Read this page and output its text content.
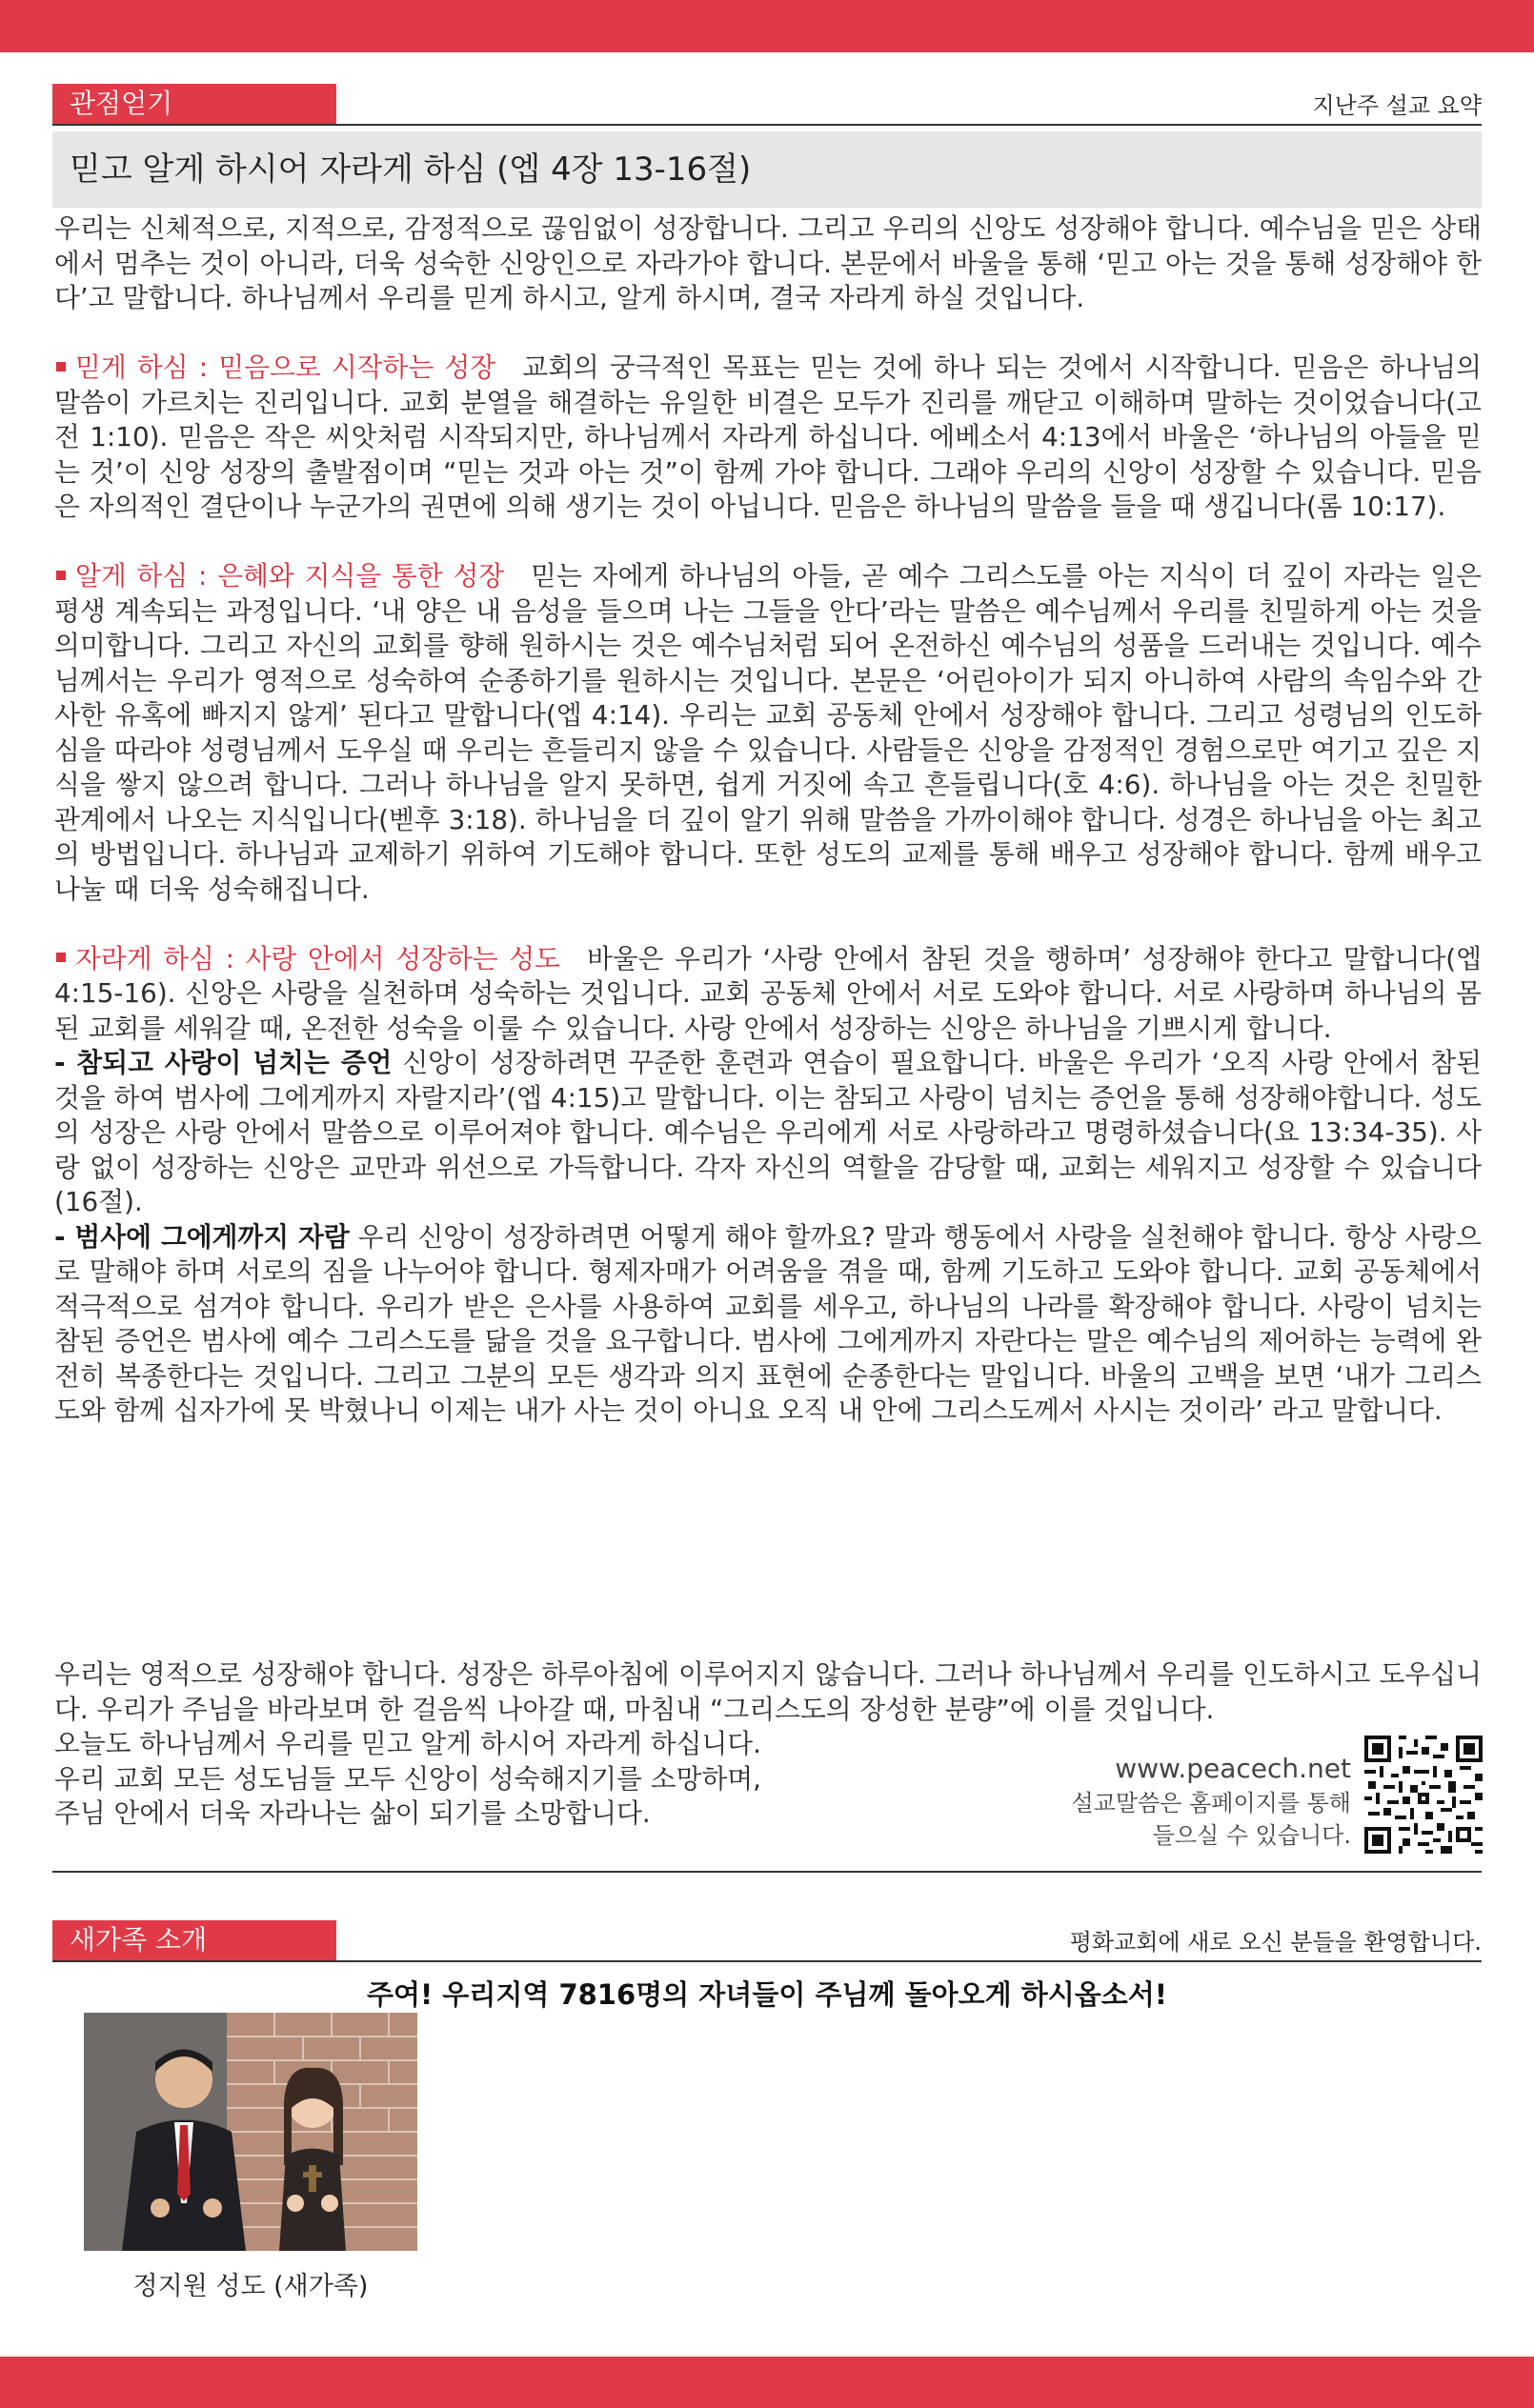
관점얻기	지난주 설교 요약
믿고 알게 하시어 자라게 하심 (엡 4장 13-16절)

우리는 신체적으로, 지적으로, 감정적으로 끊임없이 성장합니다. 그리고 우리의 신앙도 성장해야 합니다. 예수님을 믿은 상태에서 멈추는 것이 아니라, 더욱 성숙한 신앙인으로 자라가야 합니다. 본문에서 바울을 통해 ‘믿고 아는 것을 통해 성장해야 한다’고 말합니다. 하나님께서 우리를 믿게 하시고, 알게 하시며, 결국 자라게 하실 것입니다.

믿게 하심 : 믿음으로 시작하는 성장 교회의 궁극적인 목표는 믿는 것에 하나 되는 것에서 시작합니다. 믿음은 하나님의 말씀이 가르치는 진리입니다. 교회 분열을 해결하는 유일한 비결은 모두가 진리를 깨닫고 이해하며 말하는 것이었습니다(고전 1:10). 믿음은 작은 씨앗처럼 시작되지만, 하나님께서 자라게 하십니다. 에베소서 4:13에서 바울은 ‘하나님의 아들을 믿는 것’이 신앙 성장의 출발점이며 “믿는 것과 아는 것”이 함께 가야 합니다. 그래야 우리의 신앙이 성장할 수 있습니다. 믿음은 자의적인 결단이나 누군가의 권면에 의해 생기는 것이 아닙니다. 믿음은 하나님의 말씀을 들을 때 생깁니다(롬 10:17).

알게 하심 : 은혜와 지식을 통한 성장 믿는 자에게 하나님의 아들, 곧 예수 그리스도를 아는 지식이 더 깊이 자라는 일은 평생 계속되는 과정입니다. ‘내 양은 내 음성을 들으며 나는 그들을 안다’라는 말씀은 예수님께서 우리를 친밀하게 아는 것을 의미합니다. 그리고 자신의 교회를 향해 원하시는 것은 예수님처럼 되어 온전하신 예수님의 성품을 드러내는 것입니다. 예수님께서는 우리가 영적으로 성숙하여 순종하기를 원하시는 것입니다. 본문은 ‘어린아이가 되지 아니하여 사람의 속임수와 간사한 유혹에 빠지지 않게’ 된다고 말합니다(엡 4:14). 우리는 교회 공동체 안에서 성장해야 합니다. 그리고 성령님의 인도하심을 따라야 성령님께서 도우실 때 우리는 흔들리지 않을 수 있습니다. 사람들은 신앙을 감정적인 경험으로만 여기고 깊은 지식을 쌓지 않으려 합니다. 그러나 하나님을 알지 못하면, 쉽게 거짓에 속고 흔들립니다(호 4:6). 하나님을 아는 것은 친밀한 관계에서 나오는 지식입니다(벧후 3:18). 하나님을 더 깊이 알기 위해 말씀을 가까이해야 합니다. 성경은 하나님을 아는 최고의 방법입니다. 하나님과 교제하기 위하여 기도해야 합니다. 또한 성도의 교제를 통해 배우고 성장해야 합니다. 함께 배우고 나눌 때 더욱 성숙해집니다.

자라게 하심 : 사랑 안에서 성장하는 성도 바울은 우리가 ‘사랑 안에서 참된 것을 행하며’ 성장해야 한다고 말합니다(엡 4:15-16). 신앙은 사랑을 실천하며 성숙하는 것입니다. 교회 공동체 안에서 서로 도와야 합니다. 서로 사랑하며 하나님의 몸 된 교회를 세워갈 때, 온전한 성숙을 이룰 수 있습니다. 사랑 안에서 성장하는 신앙은 하나님을 기쁘시게 합니다.

- 참되고 사랑이 넘치는 증언 신앙이 성장하려면 꾸준한 훈련과 연습이 필요합니다. 바울은 우리가 ‘오직 사랑 안에서 참된 것을 하여 범사에 그에게까지 자랄지라’(엡 4:15)고 말합니다. 이는 참되고 사랑이 넘치는 증언을 통해 성장해야합니다. 성도의 성장은 사랑 안에서 말씀으로 이루어져야 합니다. 예수님은 우리에게 서로 사랑하라고 명령하셨습니다(요 13:34-35). 사랑 없이 성장하는 신앙은 교만과 위선으로 가득합니다. 각자 자신의 역할을 감당할 때, 교회는 세워지고 성장할 수 있습니다(16절).

- 범사에 그에게까지 자람 우리 신앙이 성장하려면 어떻게 해야 할까요? 말과 행동에서 사랑을 실천해야 합니다. 항상 사랑으로 말해야 하며 서로의 짐을 나누어야 합니다. 형제자매가 어려움을 겪을 때, 함께 기도하고 도와야 합니다. 교회 공동체에서 적극적으로 섬겨야 합니다. 우리가 받은 은사를 사용하여 교회를 세우고, 하나님의 나라를 확장해야 합니다. 사랑이 넘치는 참된 증언은 범사에 예수 그리스도를 닮을 것을 요구합니다. 범사에 그에게까지 자란다는 말은 예수님의 제어하는 능력에 완전히 복종한다는 것입니다. 그리고 그분의 모든 생각과 의지 표현에 순종한다는 말입니다. 바울의 고백을 보면 ‘내가 그리스도와 함께 십자가에 못 박혔나니 이제는 내가 사는 것이 아니요 오직 내 안에 그리스도께서 사시는 것이라’ 라고 말합니다.

우리는 영적으로 성장해야 합니다. 성장은 하루아침에 이루어지지 않습니다. 그러나 하나님께서 우리를 인도하시고 도우십니다. 우리가 주님을 바라보며 한 걸음씩 나아갈 때, 마침내 “그리스도의 장성한 분량”에 이를 것입니다.

오늘도 하나님께서 우리를 믿고 알게 하시어 자라게 하십니다.

우리 교회 모든 성도님들 모두 신앙이 성숙해지기를 소망하며,

주님 안에서 더욱 자라나는 삶이 되기를 소망합니다.

www.peacech.net
설교말씀은 홈페이지를 통해
들으실 수 있습니다.
새가족 소개	평화교회에 새로 오신 분들을 환영합니다.
주여! 우리지역 7816명의 자녀들이 주님께 돌아오게 하시옵소서!
정지원 성도 (새가족)
